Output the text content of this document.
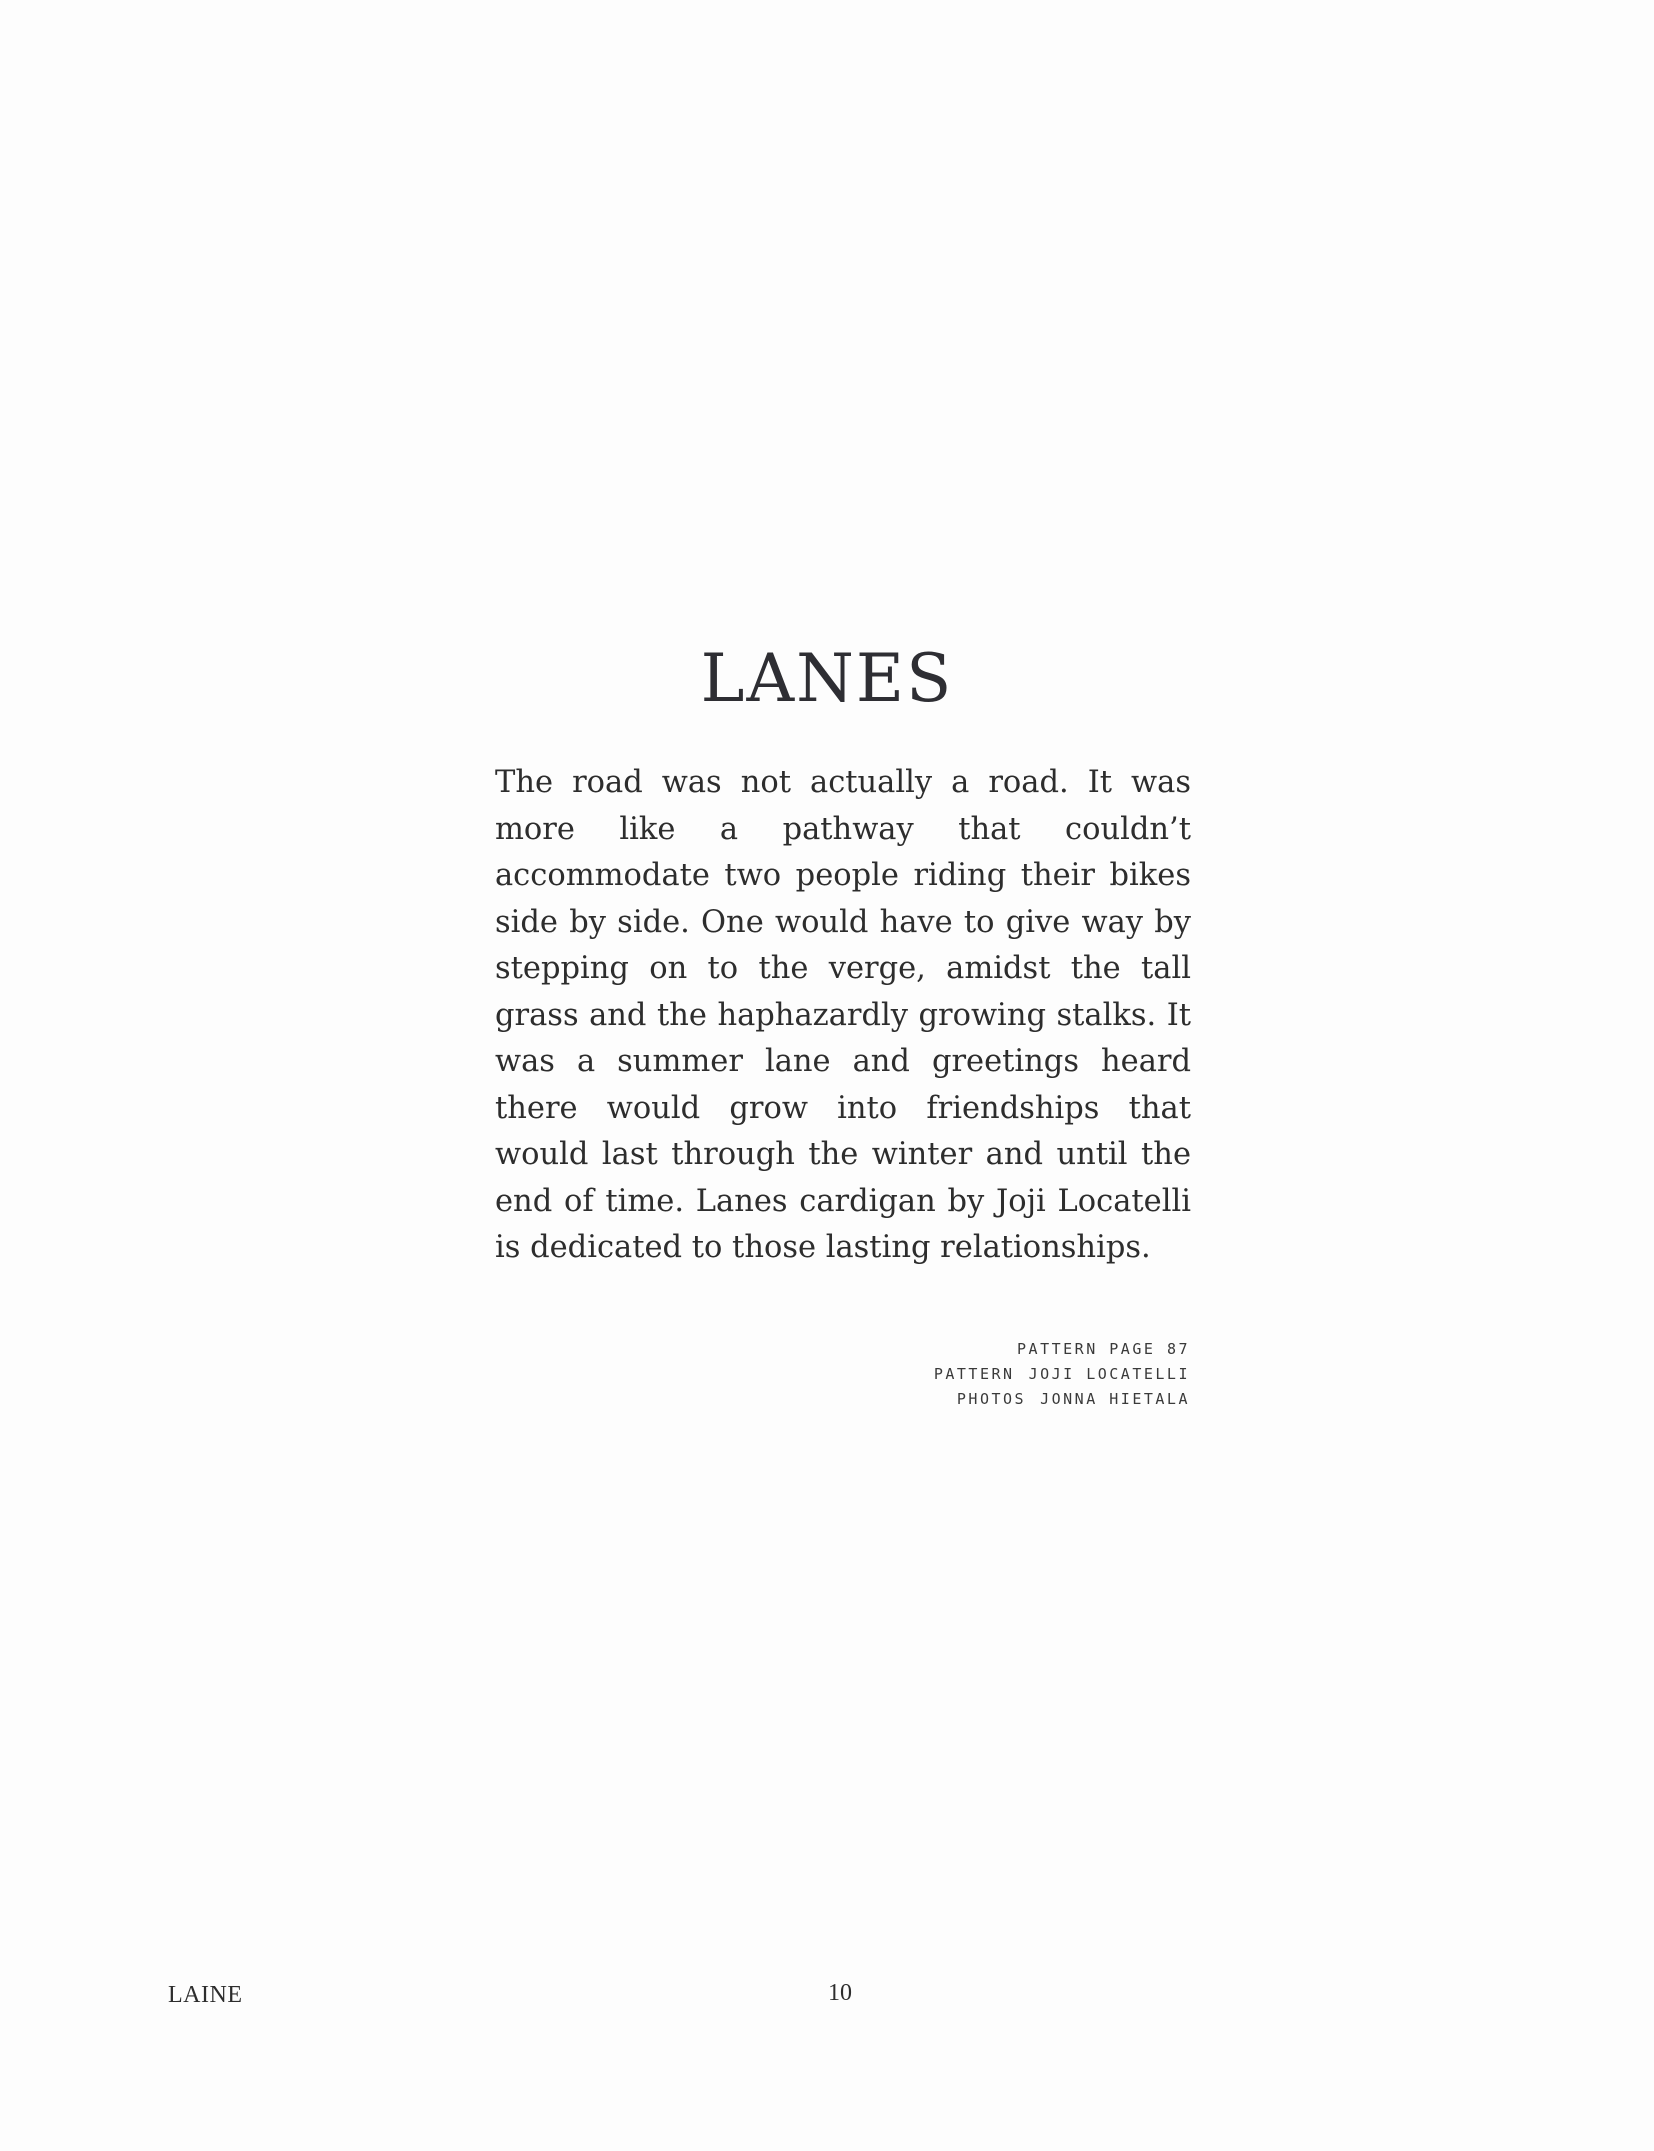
LANES

The road was not actually a road. It was more like a pathway that couldn’t accommodate two people riding their bikes side by side. One would have to give way by stepping on to the verge, amidst the tall grass and the haphazardly growing stalks. It was a summer lane and greetings heard there would grow into friendships that would last through the winter and until the end of time. Lanes cardigan by Joji Locatelli is dedicated to those lasting relationships.

PATTERN PAGE 87
PATTERN JOJI LOCATELLI
PHOTOS JONNA HIETALA
LAINE	10
